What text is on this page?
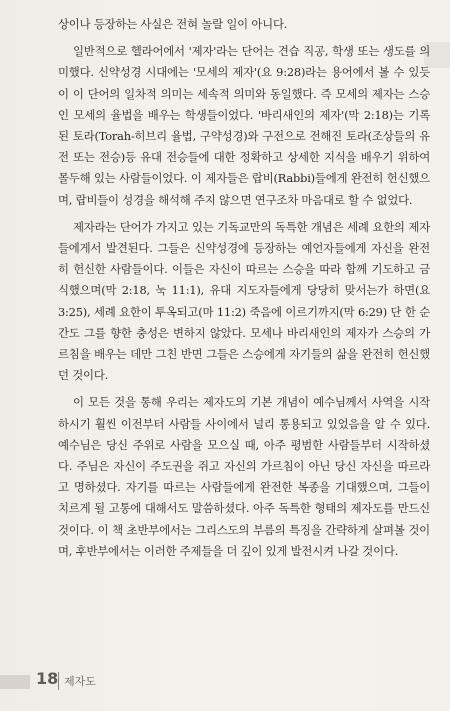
상이나 등장하는 사실은 전혀 놀랄 일이 아니다.

일반적으로 헬라어에서 '제자'라는 단어는 견습 직공, 학생 또는 생도를 의미했다. 신약성경 시대에는 '모세의 제자'(요 9:28)라는 용어에서 볼 수 있듯이 이 단어의 일차적 의미는 세속적 의미와 동일했다. 즉 모세의 제자는 스승인 모세의 율법을 배우는 학생들이었다. '바리새인의 제자'(막 2:18)는 기록된 토라(Torah-히브리 율법, 구약성경)와 구전으로 전해진 토라(조상들의 유전 또는 전승)등 유대 전승들에 대한 정확하고 상세한 지식을 배우기 위하여 몰두해 있는 사람들이었다. 이 제자들은 랍비(Rabbi)들에게 완전히 헌신했으며, 랍비들이 성경을 해석해 주지 않으면 연구조차 마음대로 할 수 없었다.

제자라는 단어가 가지고 있는 기독교만의 독특한 개념은 세례 요한의 제자들에게서 발견된다. 그들은 신약성경에 등장하는 예언자들에게 자신을 완전히 헌신한 사람들이다. 이들은 자신이 따르는 스승을 따라 함께 기도하고 금식했으며(막 2:18, 눅 11:1), 유대 지도자들에게 당당히 맞서는가 하면(요 3:25), 세례 요한이 투옥되고(마 11:2) 죽음에 이르기까지(막 6:29) 단 한 순간도 그를 향한 충성은 변하지 않았다. 모세나 바리새인의 제자가 스승의 가르침을 배우는 데만 그친 반면 그들은 스승에게 자기들의 삶을 완전히 헌신했던 것이다.

이 모든 것을 통해 우리는 제자도의 기본 개념이 예수님께서 사역을 시작하시기 훨씬 이전부터 사람들 사이에서 널리 통용되고 있었음을 알 수 있다. 예수님은 당신 주위로 사람을 모으실 때, 아주 평범한 사람들부터 시작하셨다. 주님은 자신이 주도권을 쥐고 자신의 가르침이 아닌 당신 자신을 따르라고 명하셨다. 자기를 따르는 사람들에게 완전한 복종을 기대했으며, 그들이 치르게 될 고통에 대해서도 말씀하셨다. 아주 독특한 형태의 제자도를 만드신 것이다. 이 책 초반부에서는 그리스도의 부름의 특징을 간략하게 살펴볼 것이며, 후반부에서는 이러한 주제들을 더 깊이 있게 발전시켜 나갈 것이다.

18 제자도
